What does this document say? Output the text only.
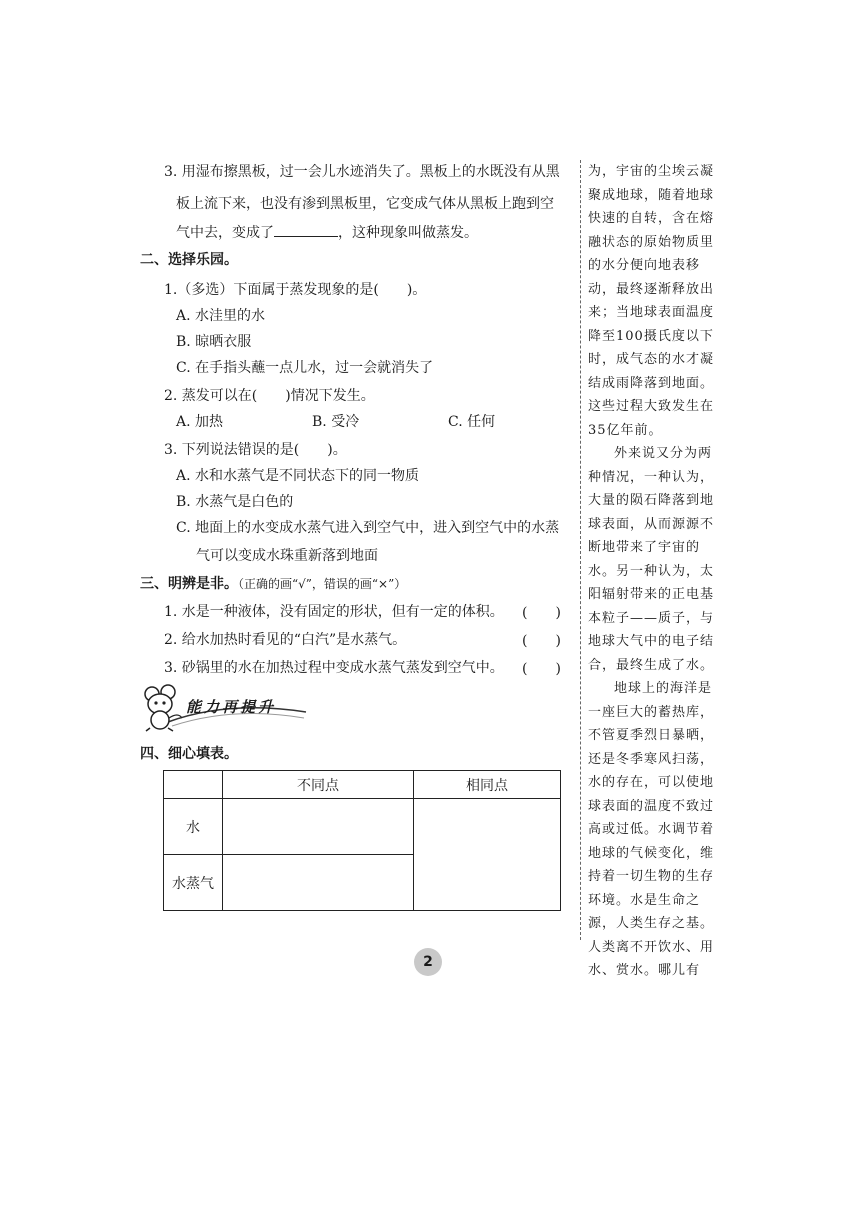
3. 用湿布擦黑板，过一会儿水迹消失了。黑板上的水既没有从黑
板上流下来，也没有渗到黑板里，它变成气体从黑板上跑到空
气中去，变成了	，这种现象叫做蒸发。
二、选择乐园。
1.（多选）下面属于蒸发现象的是(　　)。
A. 水洼里的水
B. 晾晒衣服
C. 在手指头蘸一点儿水，过一会就消失了
2. 蒸发可以在(　　)情况下发生。
A. 加热	B. 受冷	C. 任何
3. 下列说法错误的是(　　)。
A. 水和水蒸气是不同状态下的同一物质
B. 水蒸气是白色的
C. 地面上的水变成水蒸气进入到空气中，进入到空气中的水蒸
气可以变成水珠重新落到地面
三、明辨是非。（正确的画“√”，错误的画“×”）
1. 水是一种液体，没有固定的形状，但有一定的体积。 (　　)
2. 给水加热时看见的“白汽”是水蒸气。	(　　)
3. 砂锅里的水在加热过程中变成水蒸气蒸发到空气中。 (　　)
四、细心填表。
能力再提升
	不同点	相同点
水		
水蒸气		

为，宇宙的尘埃云凝聚成地球，随着地球快速的自转，含在熔融状态的原始物质里的水分便向地表移动，最终逐渐释放出来；当地球表面温度降至100摄氏度以下时，成气态的水才凝结成雨降落到地面。这些过程大致发生在35亿年前。

外来说又分为两种情况，一种认为，大量的陨石降落到地球表面，从而源源不断地带来了宇宙的水。另一种认为，太阳辐射带来的正电基本粒子——质子，与地球大气中的电子结合，最终生成了水。

地球上的海洋是一座巨大的蓄热库，不管夏季烈日暴晒，还是冬季寒风扫荡，水的存在，可以使地球表面的温度不致过高或过低。水调节着地球的气候变化，维持着一切生物的生存环境。水是生命之源，人类生存之基。人类离不开饮水、用水、赏水。哪儿有

2
